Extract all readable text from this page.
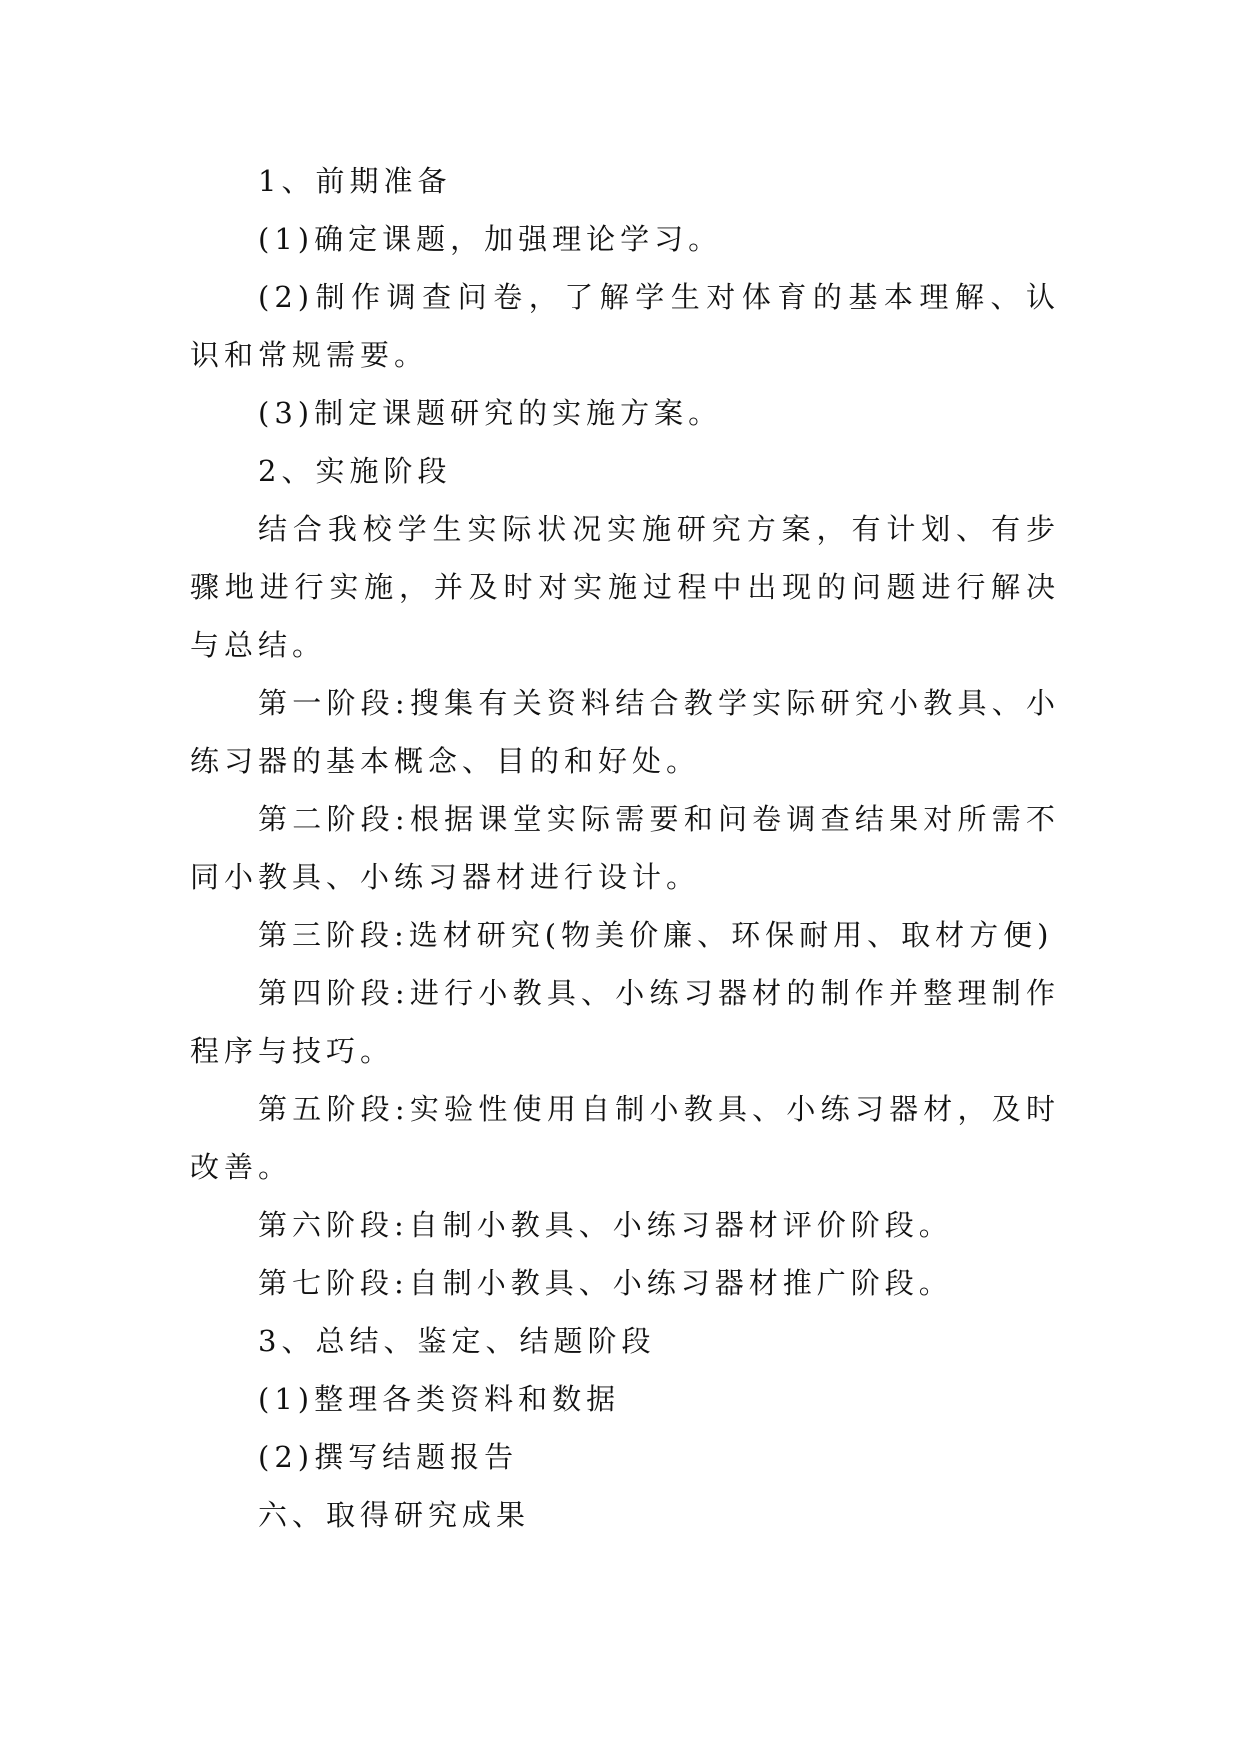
1、前期准备

(1)确定课题，加强理论学习。

(2)制作调查问卷，了解学生对体育的基本理解、认识和常规需要。

(3)制定课题研究的实施方案。

2、实施阶段

结合我校学生实际状况实施研究方案，有计划、有步骤地进行实施，并及时对实施过程中出现的问题进行解决与总结。

第一阶段:搜集有关资料结合教学实际研究小教具、小练习器的基本概念、目的和好处。

第二阶段:根据课堂实际需要和问卷调查结果对所需不同小教具、小练习器材进行设计。

第三阶段:选材研究(物美价廉、环保耐用、取材方便)

第四阶段:进行小教具、小练习器材的制作并整理制作程序与技巧。

第五阶段:实验性使用自制小教具、小练习器材，及时改善。

第六阶段:自制小教具、小练习器材评价阶段。

第七阶段:自制小教具、小练习器材推广阶段。

3、总结、鉴定、结题阶段

(1)整理各类资料和数据

(2)撰写结题报告

六、取得研究成果
